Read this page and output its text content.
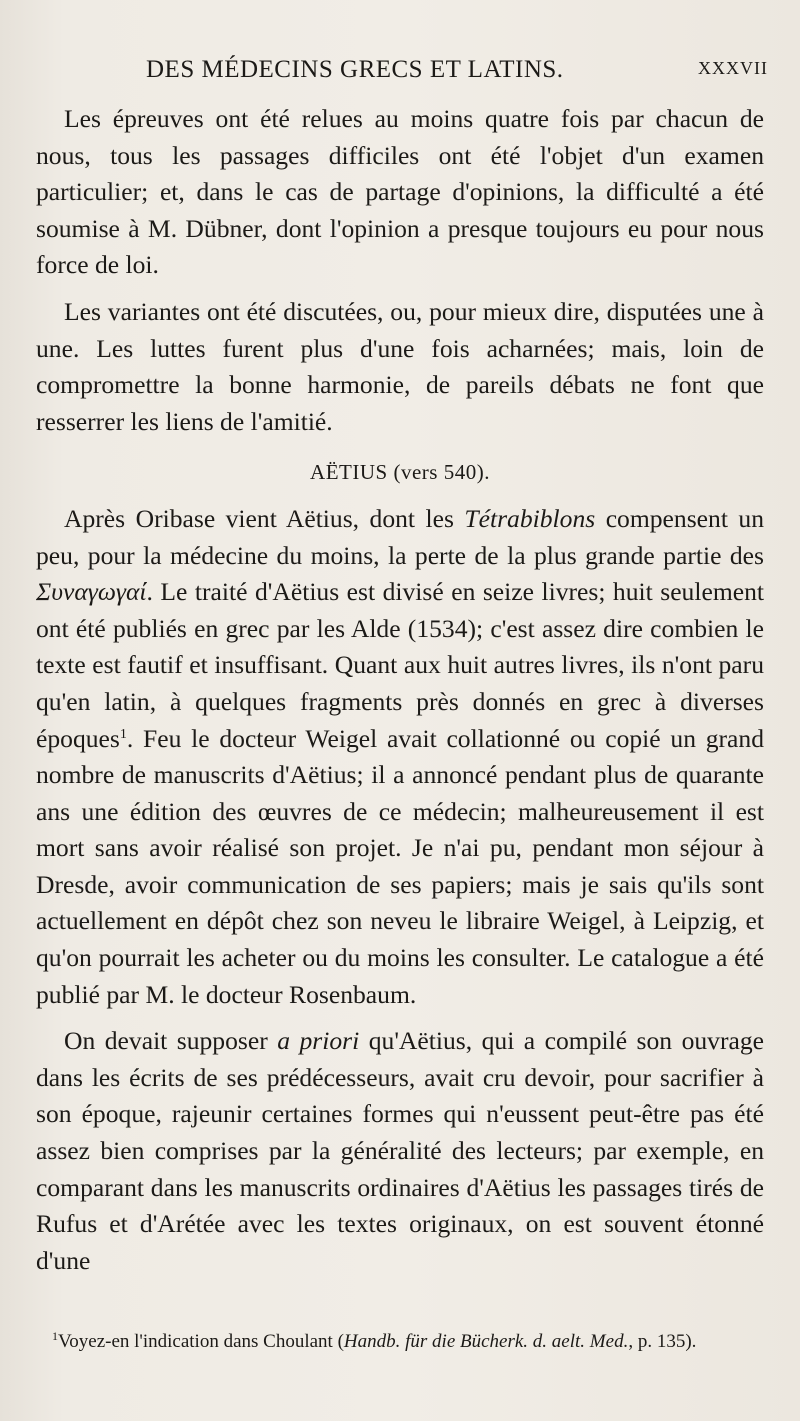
DES MÉDECINS GRECS ET LATINS.	XXXVII

Les épreuves ont été relues au moins quatre fois par chacun de nous, tous les passages difficiles ont été l'objet d'un examen particulier; et, dans le cas de partage d'opinions, la difficulté a été soumise à M. Dübner, dont l'opinion a presque toujours eu pour nous force de loi.

Les variantes ont été discutées, ou, pour mieux dire, disputées une à une. Les luttes furent plus d'une fois acharnées; mais, loin de compromettre la bonne harmonie, de pareils débats ne font que resserrer les liens de l'amitié.

AËTIUS (vers 540).

Après Oribase vient Aëtius, dont les Tétrabiblons compensent un peu, pour la médecine du moins, la perte de la plus grande partie des Συναγωγαί. Le traité d'Aëtius est divisé en seize livres; huit seulement ont été publiés en grec par les Alde (1534); c'est assez dire combien le texte est fautif et insuffisant. Quant aux huit autres livres, ils n'ont paru qu'en latin, à quelques fragments près donnés en grec à diverses époques$^1$. Feu le docteur Weigel avait collationné ou copié un grand nombre de manuscrits d'Aëtius; il a annoncé pendant plus de quarante ans une édition des œuvres de ce médecin; malheureusement il est mort sans avoir réalisé son projet. Je n'ai pu, pendant mon séjour à Dresde, avoir communication de ses papiers; mais je sais qu'ils sont actuellement en dépôt chez son neveu le libraire Weigel, à Leipzig, et qu'on pourrait les acheter ou du moins les consulter. Le catalogue a été publié par M. le docteur Rosenbaum.

On devait supposer a priori qu'Aëtius, qui a compilé son ouvrage dans les écrits de ses prédécesseurs, avait cru devoir, pour sacrifier à son époque, rajeunir certaines formes qui n'eussent peut-être pas été assez bien comprises par la généralité des lecteurs; par exemple, en comparant dans les manuscrits ordinaires d'Aëtius les passages tirés de Rufus et d'Arétée avec les textes originaux, on est souvent étonné d'une

$^1$Voyez-en l'indication dans Choulant (Handb. für die Bücherk. d. aelt. Med., p. 135).
